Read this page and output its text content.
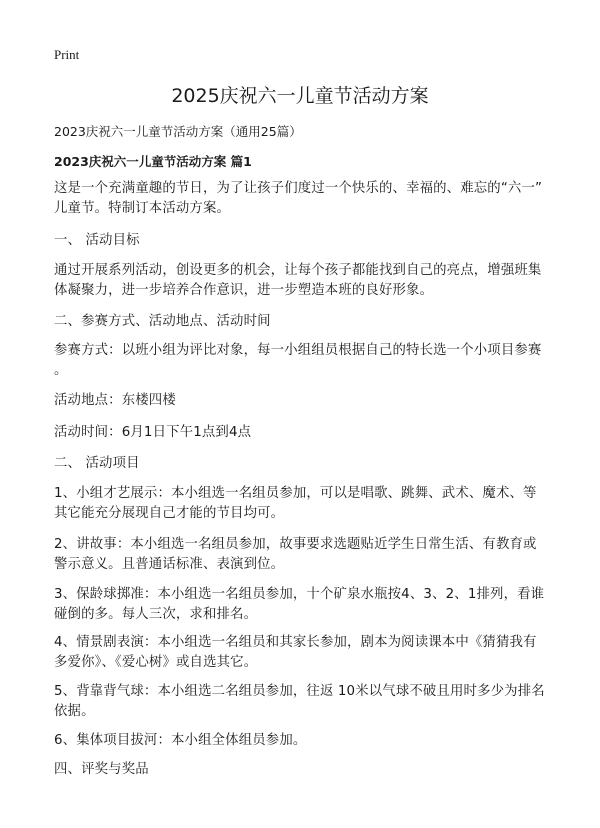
Print
2025庆祝六一儿童节活动方案
2023庆祝六一儿童节活动方案（通用25篇）
2023庆祝六一儿童节活动方案 篇1
这是一个充满童趣的节日，为了让孩子们度过一个快乐的、幸福的、难忘的“六一”
儿童节。特制订本活动方案。
一、 活动目标
通过开展系列活动，创设更多的机会，让每个孩子都能找到自己的亮点，增强班集
体凝聚力，进一步培养合作意识，进一步塑造本班的良好形象。
二、参赛方式、活动地点、活动时间
参赛方式：以班小组为评比对象，每一小组组员根据自己的特长选一个小项目参赛
。
活动地点：东楼四楼
活动时间：6月1日下午1点到4点
二、 活动项目
1、小组才艺展示：本小组选一名组员参加，可以是唱歌、跳舞、武术、魔术、等
其它能充分展现自己才能的节目均可。
2、讲故事：本小组选一名组员参加，故事要求选题贴近学生日常生活、有教育或
警示意义。且普通话标准、表演到位。
3、保龄球掷准：本小组选一名组员参加，十个矿泉水瓶按4、3、2、1排列，看谁
碰倒的多。每人三次，求和排名。
4、情景剧表演：本小组选一名组员和其家长参加，剧本为阅读课本中《猜猜我有
多爱你》、《爱心树》或自选其它。
5、背靠背气球：本小组选二名组员参加，往返 10米以气球不破且用时多少为排名
依据。
6、集体项目拔河：本小组全体组员参加。
四、评奖与奖品
